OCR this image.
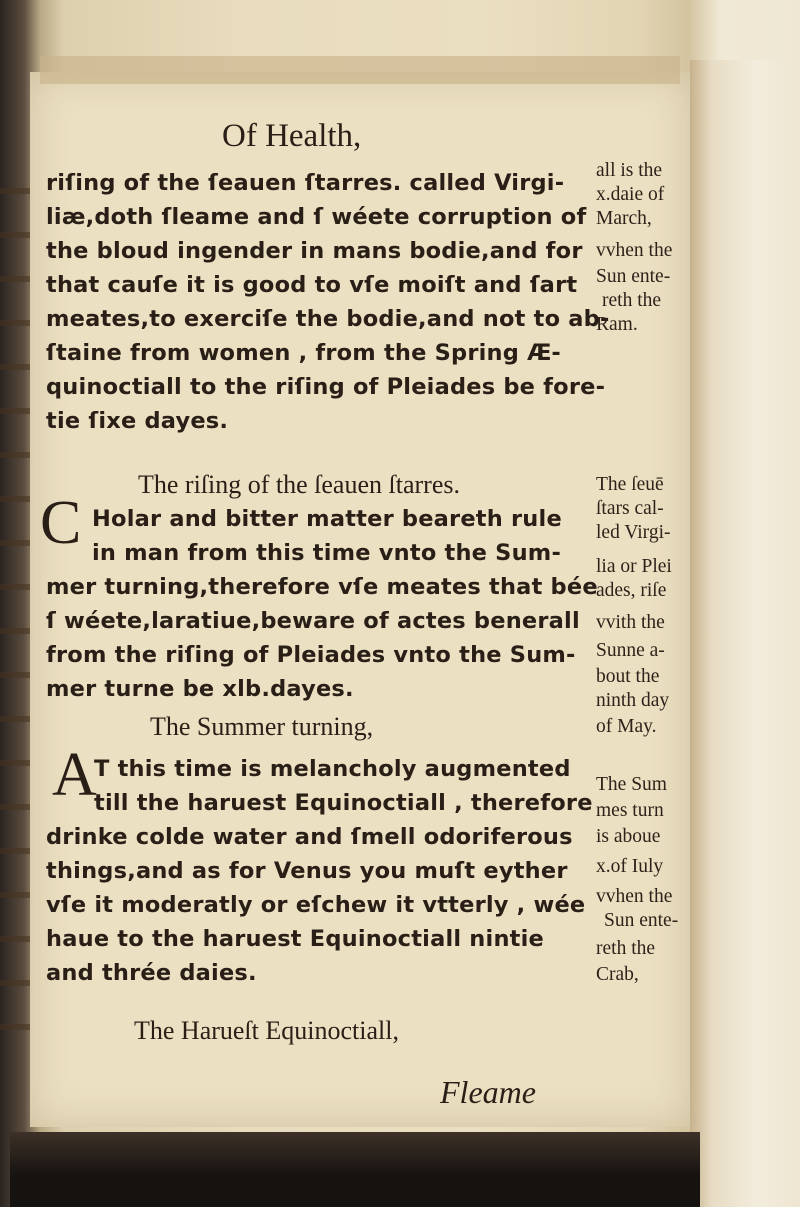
Of Health,
riſing of the ſeauen ſtarres. called Virgi-
liæ,doth ſleame and ſ wéete corruption of
the bloud ingender in mans bodie,and for
that cauſe it is good to vſe moiſt and ſart
meates,to exerciſe the bodie,and not to ab-
ſtaine from women , from the Spring Æ-
quinoctiall to the riſing of Pleiades be fore-
tie ſixe dayes.
all is the
x.daie of
March,
vvhen the
Sun ente-
reth the
Ram.
The riſing of the ſeauen ſtarres.
C Holar and bitter matter beareth rule
in man from this time vnto the Sum-
mer turning,therefore vſe meates that bée
ſ wéete,laratiue,beware of actes benerall
from the riſing of Pleiades vnto the Sum-
mer turne be xlb.dayes.
The ſeuē
ſtars cal-
led Virgi-
lia or Plei
ades, riſe
vvith the
Sunne a-
bout the
ninth day
of May.
The Summer turning,
A
T this time is melancholy augmented
till the haruest Equinoctiall , therefore
drinke colde water and ſmell odoriferous
things,and as for Venus you muſt eyther
vſe it moderatly or eſchew it vtterly , wée
haue to the haruest Equinoctiall nintie
and thrée daies.
The Sum
mes turn
is aboue
x.of Iuly
vvhen the
Sun ente-
reth the
Crab,
The Harueſt Equinoctiall,
Fleame
